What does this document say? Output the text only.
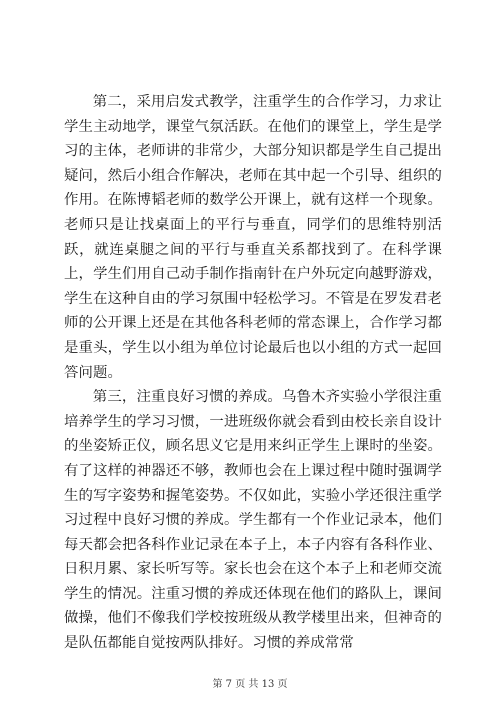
第二，采用启发式教学，注重学生的合作学习，力求让学生主动地学，课堂气氛活跃。在他们的课堂上，学生是学习的主体，老师讲的非常少，大部分知识都是学生自己提出疑问，然后小组合作解决，老师在其中起一个引导、组织的作用。在陈博韬老师的数学公开课上，就有这样一个现象。老师只是让找桌面上的平行与垂直，同学们的思维特别活跃，就连桌腿之间的平行与垂直关系都找到了。在科学课上，学生们用自己动手制作指南针在户外玩定向越野游戏，学生在这种自由的学习氛围中轻松学习。不管是在罗发君老师的公开课上还是在其他各科老师的常态课上，合作学习都是重头，学生以小组为单位讨论最后也以小组的方式一起回答问题。

第三，注重良好习惯的养成。乌鲁木齐实验小学很注重培养学生的学习习惯，一进班级你就会看到由校长亲自设计的坐姿矫正仪，顾名思义它是用来纠正学生上课时的坐姿。有了这样的神器还不够，教师也会在上课过程中随时强调学生的写字姿势和握笔姿势。不仅如此，实验小学还很注重学习过程中良好习惯的养成。学生都有一个作业记录本，他们每天都会把各科作业记录在本子上，本子内容有各科作业、日积月累、家长听写等。家长也会在这个本子上和老师交流学生的情况。注重习惯的养成还体现在他们的路队上，课间做操，他们不像我们学校按班级从教学楼里出来，但神奇的是队伍都能自觉按两队排好。习惯的养成常常

第 7 页 共 13 页
